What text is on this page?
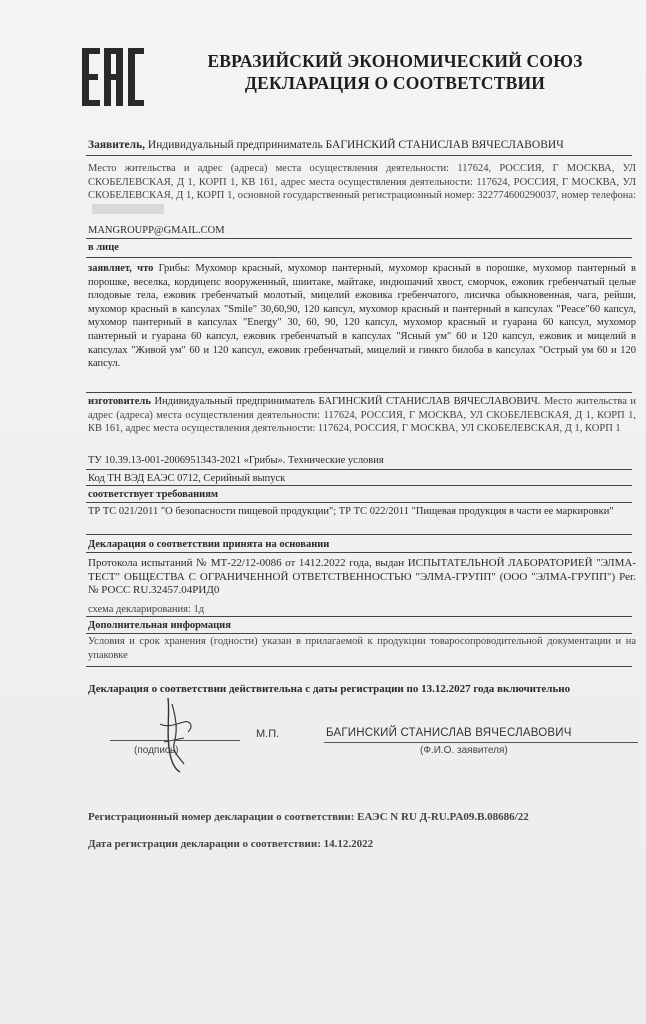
ЕВРАЗИЙСКИЙ ЭКОНОМИЧЕСКИЙ СОЮЗ
ДЕКЛАРАЦИЯ О СООТВЕТСТВИИ
Заявитель, Индивидуальный предприниматель БАГИНСКИЙ СТАНИСЛАВ ВЯЧЕСЛАВОВИЧ
Место жительства и адрес (адреса) места осуществления деятельности: 117624, РОССИЯ, Г МОСКВА, УЛ СКОБЕЛЕВСКАЯ, Д 1, КОРП 1, КВ 161, адрес места осуществления деятельности: 117624, РОССИЯ, Г МОСКВА, УЛ СКОБЕЛЕВСКАЯ, Д 1, КОРП 1, основной государственный регистрационный номер: 322774600290037, номер телефона:
MANGROUPP@GMAIL.COM
в лице
заявляет, что Грибы: Мухомор красный, мухомор пантерный, мухомор красный в порошке, мухомор пантерный в порошке, веселка, кордицепс вооруженный, шиитаке, майтаке, индюшачий хвост, сморчок, ежовик гребенчатый целые плодовые тела, ежовик гребенчатый молотый, мицелий ежовика гребенчатого, лисичка обыкновенная, чага, рейши, мухомор красный в капсулах "Smile" 30,60,90, 120 капсул, мухомор красный и пантерный в капсулах "Peace"60 капсул, мухомор пантерный в капсулах "Energy" 30, 60, 90, 120 капсул, мухомор красный и гуарана 60 капсул, мухомор пантерный и гуарана 60 капсул, ежовик гребенчатый в капсулах "Ясный ум" 60 и 120 капсул, ежовик и мицелий в капсулах "Живой ум" 60 и 120 капсул, ежовик гребенчатый, мицелий и гинкго билоба в капсулах "Острый ум 60 и 120 капсул.
изготовитель Индивидуальный предприниматель БАГИНСКИЙ СТАНИСЛАВ ВЯЧЕСЛАВОВИЧ. Место жительства и адрес (адреса) места осуществления деятельности: 117624, РОССИЯ, Г МОСКВА, УЛ СКОБЕЛЕВСКАЯ, Д 1, КОРП 1, КВ 161, адрес места осуществления деятельности: 117624, РОССИЯ, Г МОСКВА, УЛ СКОБЕЛЕВСКАЯ, Д 1, КОРП 1
ТУ 10.39.13-001-2006951343-2021 «Грибы». Технические условия
Код ТН ВЭД ЕАЭС 0712, Серийный выпуск
соответствует требованиям
ТР ТС 021/2011 "О безопасности пищевой продукции"; ТР ТС 022/2011 "Пищевая продукция в части ее маркировки"
Декларация о соответствии принята на основании
Протокола испытаний № МТ-22/12-0086 от 1412.2022 года, выдан ИСПЫТАТЕЛЬНОЙ ЛАБОРАТОРИЕЙ "ЭЛМА-ТЕСТ" ОБЩЕСТВА С ОГРАНИЧЕННОЙ ОТВЕТСТВЕННОСТЬЮ "ЭЛМА-ГРУПП" (ООО "ЭЛМА-ГРУПП") Рег. № РОСС RU.32457.04РИД0
схема декларирования: 1д
Дополнительная информация
Условия и срок хранения (годности) указан в прилагаемой к продукции товаросопроводительной документации и на упаковке
Декларация о соответствии действительна с даты регистрации по 13.12.2027 года включительно
М.П.	БАГИНСКИЙ СТАНИСЛАВ ВЯЧЕСЛАВОВИЧ
(подпись)	(Ф.И.О. заявителя)
Регистрационный номер декларации о соответствии: ЕАЭС N RU Д-RU.PA09.B.08686/22
Дата регистрации декларации о соответствии: 14.12.2022
